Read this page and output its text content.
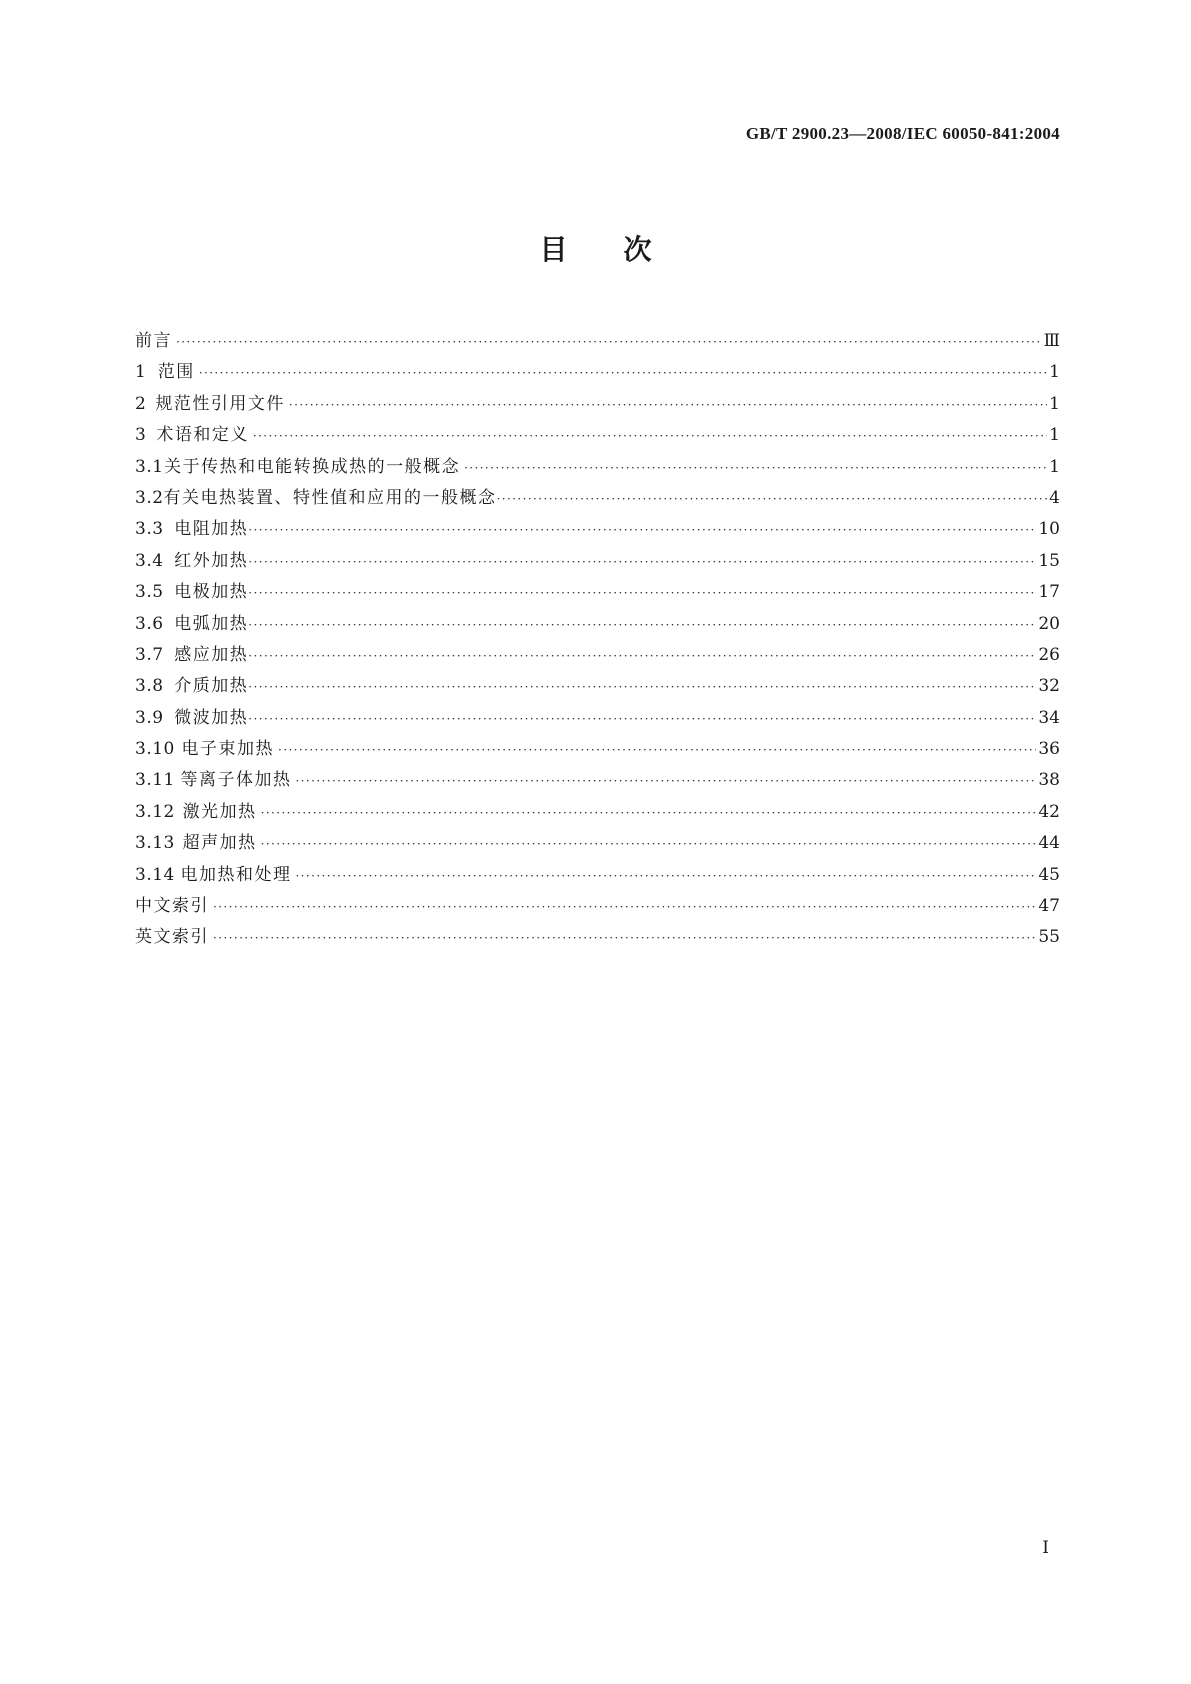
GB/T 2900.23—2008/IEC 60050-841:2004
目次
前言 ·····	Ⅲ
1 范围 ·····	1
2 规范性引用文件 ·····	1
3 术语和定义 ·····	1
3.1 关于传热和电能转换成热的一般概念 ·····	1
3.2 有关电热装置、特性值和应用的一般概念 ·····	4
3.3 电阻加热 ·····	10
3.4 红外加热 ·····	15
3.5 电极加热 ·····	17
3.6 电弧加热 ·····	20
3.7 感应加热 ·····	26
3.8 介质加热 ·····	32
3.9 微波加热 ·····	34
3.10 电子束加热 ·····	36
3.11 等离子体加热 ·····	38
3.12 激光加热 ·····	42
3.13 超声加热 ·····	44
3.14 电加热和处理 ·····	45
中文索引 ·····	47
英文索引 ·····	55
I
